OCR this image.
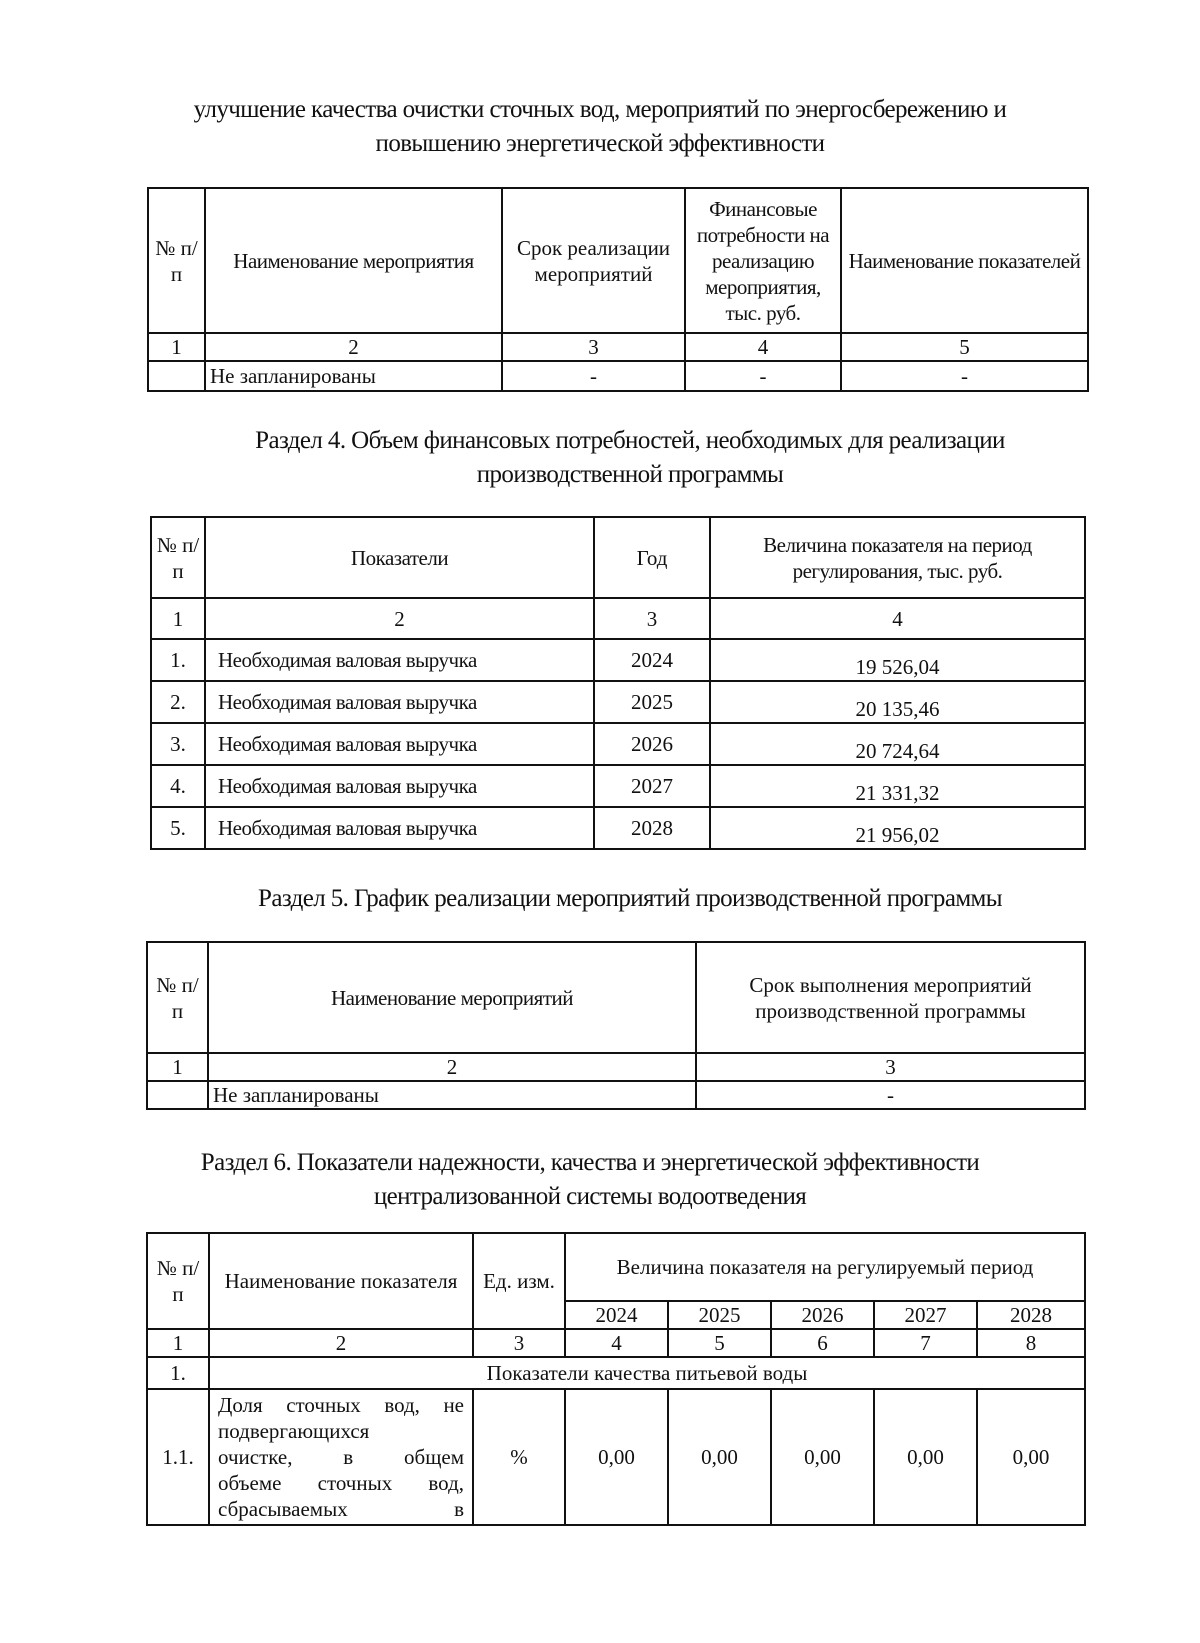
улучшение качества очистки сточных вод, мероприятий по энергосбережению и
повышению энергетической эффективности
№ п/п	Наименование мероприятия	Срок реализации мероприятий	Финансовые потребности на реализацию мероприятия, тыс. руб.	Наименование показателей
1	2	3	4	5
	Не запланированы	-	-	-
Раздел 4. Объем финансовых потребностей, необходимых для реализации
производственной программы
№ п/п	Показатели	Год	Величина показателя на период регулирования, тыс. руб.
1	2	3	4
1.	Необходимая валовая выручка	2024	19 526,04
2.	Необходимая валовая выручка	2025	20 135,46
3.	Необходимая валовая выручка	2026	20 724,64
4.	Необходимая валовая выручка	2027	21 331,32
5.	Необходимая валовая выручка	2028	21 956,02
Раздел 5. График реализации мероприятий производственной программы
№ п/п	Наименование мероприятий	Срок выполнения мероприятий производственной программы
1	2	3
	Не запланированы	-
Раздел 6. Показатели надежности, качества и энергетической эффективности
централизованной системы водоотведения
№ п/п	Наименование показателя	Ед. изм.	Величина показателя на регулируемый период				
			2024	2025	2026	2027	2028
1	2	3	4	5	6	7	8
1.	Показатели качества питьевой воды						
1.1.	Доля сточных вод, не
подвергающихся
очистке, в общем
объеме сточных вод,
сбрасываемых в	%	0,00	0,00	0,00	0,00	0,00
